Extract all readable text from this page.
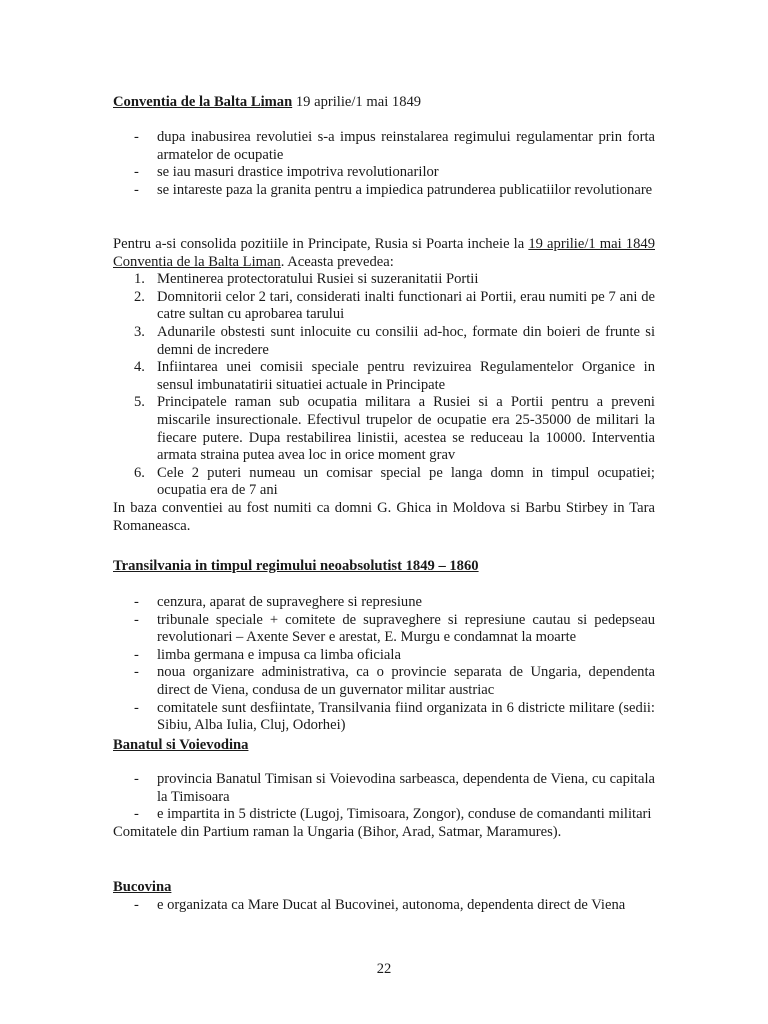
Conventia de la Balta Liman 19 aprilie/1 mai 1849
- dupa inabusirea revolutiei s-a impus reinstalarea regimului regulamentar prin forta armatelor de ocupatie
- se iau masuri drastice impotriva revolutionarilor
- se intareste paza la granita pentru a impiedica patrunderea publicatiilor revolutionare

Pentru a-si consolida pozitiile in Principate, Rusia si Poarta incheie la 19 aprilie/1 mai 1849 Conventia de la Balta Liman. Aceasta prevedea:

1. Mentinerea protectoratului Rusiei si suzeranitatii Portii
2. Domnitorii celor 2 tari, considerati inalti functionari ai Portii, erau numiti pe 7 ani de catre sultan cu aprobarea tarului
3. Adunarile obstesti sunt inlocuite cu consilii ad-hoc, formate din boieri de frunte si demni de incredere
4. Infiintarea unei comisii speciale pentru revizuirea Regulamentelor Organice in sensul imbunatatirii situatiei actuale in Principate
5. Principatele raman sub ocupatia militara a Rusiei si a Portii pentru a preveni miscarile insurectionale. Efectivul trupelor de ocupatie era 25-35000 de militari la fiecare putere. Dupa restabilirea linistii, acestea se reduceau la 10000. Interventia armata straina putea avea loc in orice moment grav
6. Cele 2 puteri numeau un comisar special pe langa domn in timpul ocupatiei; ocupatia era de 7 ani

In baza conventiei au fost numiti ca domni G. Ghica in Moldova si Barbu Stirbey in Tara Romaneasca.

Transilvania in timpul regimului neoabsolutist 1849 – 1860
- cenzura, aparat de supraveghere si represiune
- tribunale speciale + comitete de supraveghere si represiune cautau si pedepseau revolutionari – Axente Sever e arestat, E. Murgu e condamnat la moarte
- limba germana e impusa ca limba oficiala
- noua organizare administrativa, ca o provincie separata de Ungaria, dependenta direct de Viena, condusa de un guvernator militar austriac
- comitatele sunt desfiintate, Transilvania fiind organizata in 6 districte militare (sedii: Sibiu, Alba Iulia, Cluj, Odorhei)
Banatul si Voievodina
- provincia Banatul Timisan si Voievodina sarbeasca, dependenta de Viena, cu capitala la Timisoara
- e impartita in 5 districte (Lugoj, Timisoara, Zongor), conduse de comandanti militari

Comitatele din Partium raman la Ungaria (Bihor, Arad, Satmar, Maramures).

Bucovina
- e organizata ca Mare Ducat al Bucovinei, autonoma, dependenta direct de Viena
22
